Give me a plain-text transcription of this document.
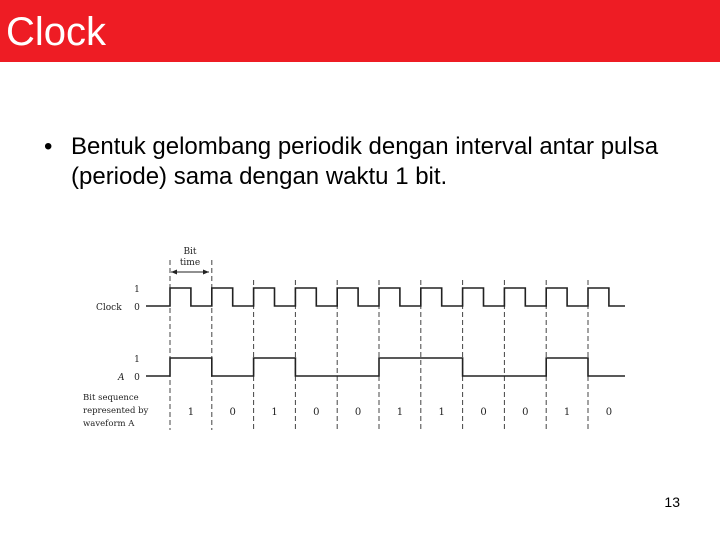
Clock
• Bentuk gelombang periodik dengan interval antar pulsa (periode) sama dengan waktu 1 bit.
Bit
time
1
Clock 0
1
A 0
Bit sequence
represented by
waveform A
1	0	1	0	0	1	1	0	0	1	0
13
